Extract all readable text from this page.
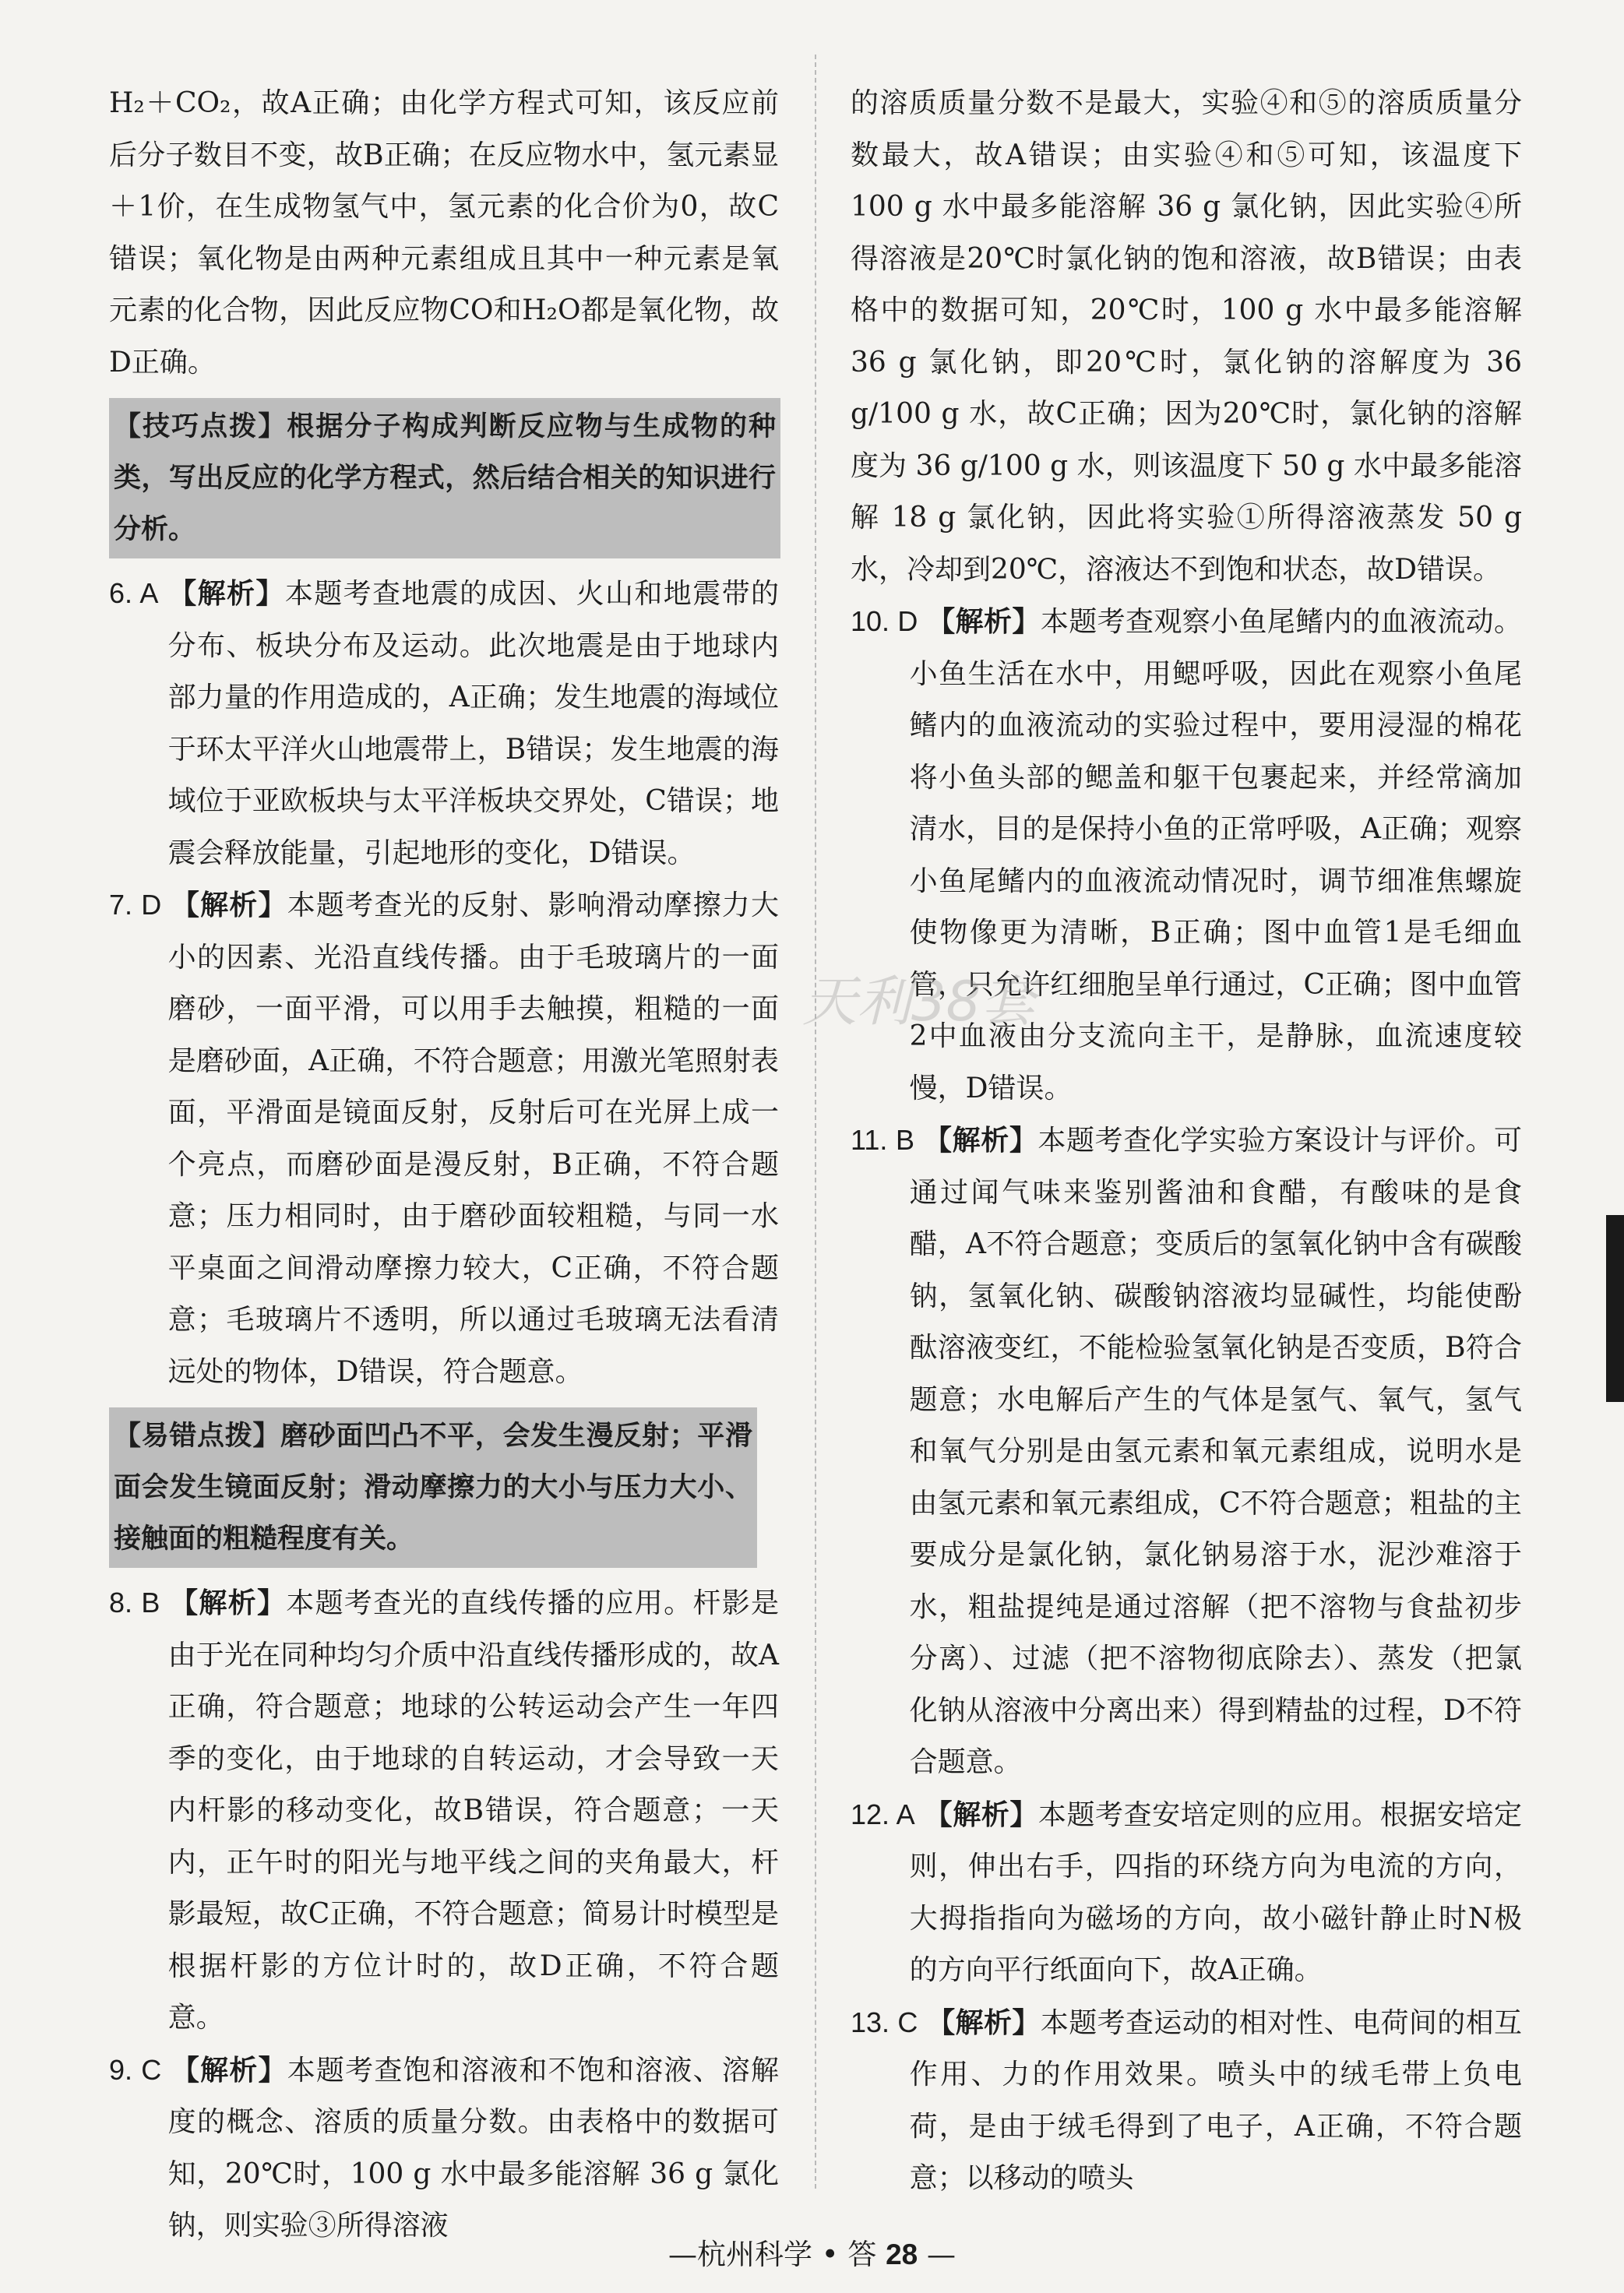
H₂＋CO₂，故A正确；由化学方程式可知，该反应前后分子数目不变，故B正确；在反应物水中，氢元素显＋1价，在生成物氢气中，氢元素的化合价为0，故C错误；氧化物是由两种元素组成且其中一种元素是氧元素的化合物，因此反应物CO和H₂O都是氧化物，故D正确。

【技巧点拨】根据分子构成判断反应物与生成物的种类，写出反应的化学方程式，然后结合相关的知识进行分析。

6. A 【解析】本题考查地震的成因、火山和地震带的分布、板块分布及运动。此次地震是由于地球内部力量的作用造成的，A正确；发生地震的海域位于环太平洋火山地震带上，B错误；发生地震的海域位于亚欧板块与太平洋板块交界处，C错误；地震会释放能量，引起地形的变化，D错误。

7. D 【解析】本题考查光的反射、影响滑动摩擦力大小的因素、光沿直线传播。由于毛玻璃片的一面磨砂，一面平滑，可以用手去触摸，粗糙的一面是磨砂面，A正确，不符合题意；用激光笔照射表面，平滑面是镜面反射，反射后可在光屏上成一个亮点，而磨砂面是漫反射，B正确，不符合题意；压力相同时，由于磨砂面较粗糙，与同一水平桌面之间滑动摩擦力较大，C正确，不符合题意；毛玻璃片不透明，所以通过毛玻璃无法看清远处的物体，D错误，符合题意。

【易错点拨】磨砂面凹凸不平，会发生漫反射；平滑面会发生镜面反射；滑动摩擦力的大小与压力大小、接触面的粗糙程度有关。

8. B 【解析】本题考查光的直线传播的应用。杆影是由于光在同种均匀介质中沿直线传播形成的，故A正确，符合题意；地球的公转运动会产生一年四季的变化，由于地球的自转运动，才会导致一天内杆影的移动变化，故B错误，符合题意；一天内，正午时的阳光与地平线之间的夹角最大，杆影最短，故C正确，不符合题意；简易计时模型是根据杆影的方位计时的，故D正确，不符合题意。

9. C 【解析】本题考查饱和溶液和不饱和溶液、溶解度的概念、溶质的质量分数。由表格中的数据可知，20℃时，100 g 水中最多能溶解 36 g 氯化钠，则实验③所得溶液

的溶质质量分数不是最大，实验④和⑤的溶质质量分数最大，故A错误；由实验④和⑤可知，该温度下 100 g 水中最多能溶解 36 g 氯化钠，因此实验④所得溶液是20℃时氯化钠的饱和溶液，故B错误；由表格中的数据可知，20℃时，100 g 水中最多能溶解 36 g 氯化钠，即20℃时，氯化钠的溶解度为 36 g/100 g 水，故C正确；因为20℃时，氯化钠的溶解度为 36 g/100 g 水，则该温度下 50 g 水中最多能溶解 18 g 氯化钠，因此将实验①所得溶液蒸发 50 g 水，冷却到20℃，溶液达不到饱和状态，故D错误。

10. D 【解析】本题考查观察小鱼尾鳍内的血液流动。小鱼生活在水中，用鳃呼吸，因此在观察小鱼尾鳍内的血液流动的实验过程中，要用浸湿的棉花将小鱼头部的鳃盖和躯干包裹起来，并经常滴加清水，目的是保持小鱼的正常呼吸，A正确；观察小鱼尾鳍内的血液流动情况时，调节细准焦螺旋使物像更为清晰，B正确；图中血管1是毛细血管，只允许红细胞呈单行通过，C正确；图中血管2中血液由分支流向主干，是静脉，血流速度较慢，D错误。

11. B 【解析】本题考查化学实验方案设计与评价。可通过闻气味来鉴别酱油和食醋，有酸味的是食醋，A不符合题意；变质后的氢氧化钠中含有碳酸钠，氢氧化钠、碳酸钠溶液均显碱性，均能使酚酞溶液变红，不能检验氢氧化钠是否变质，B符合题意；水电解后产生的气体是氢气、氧气，氢气和氧气分别是由氢元素和氧元素组成，说明水是由氢元素和氧元素组成，C不符合题意；粗盐的主要成分是氯化钠，氯化钠易溶于水，泥沙难溶于水，粗盐提纯是通过溶解（把不溶物与食盐初步分离）、过滤（把不溶物彻底除去）、蒸发（把氯化钠从溶液中分离出来）得到精盐的过程，D不符合题意。

12. A 【解析】本题考查安培定则的应用。根据安培定则，伸出右手，四指的环绕方向为电流的方向，大拇指指向为磁场的方向，故小磁针静止时N极的方向平行纸面向下，故A正确。

13. C 【解析】本题考查运动的相对性、电荷间的相互作用、力的作用效果。喷头中的绒毛带上负电荷，是由于绒毛得到了电子，A正确，不符合题意；以移动的喷头

天利38套
—杭州科学 • 答 28 —
